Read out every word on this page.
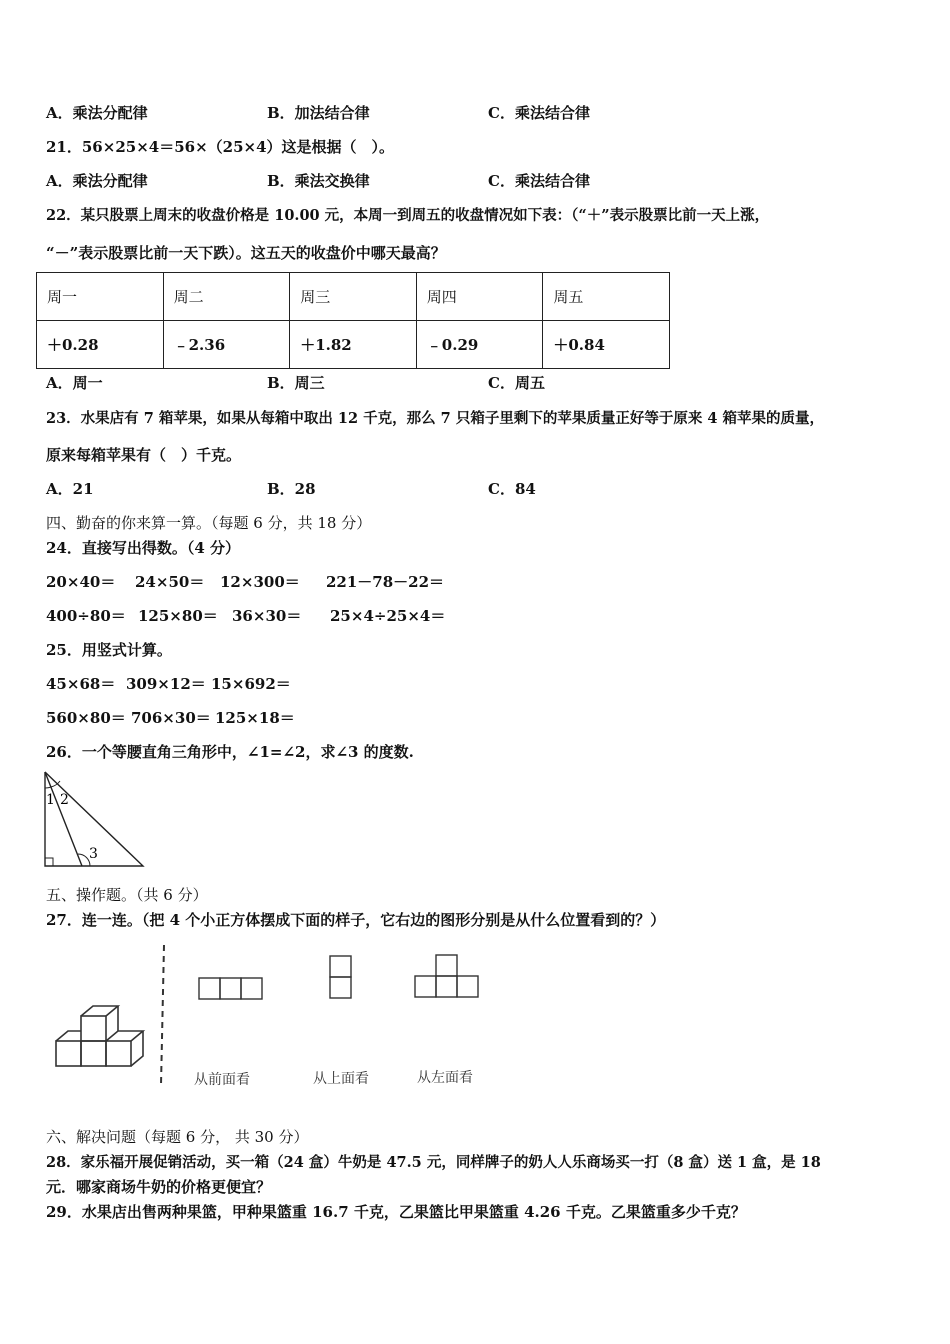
A．乘法分配律	B．加法结合律	C．乘法结合律
21．56×25×4＝56×（25×4）这是根据（　）。
A．乘法分配律	B．乘法交换律	C．乘法结合律
22．某只股票上周末的收盘价格是 10.00 元，本周一到周五的收盘情况如下表：（“＋”表示股票比前一天上涨，
“－”表示股票比前一天下跌）。这五天的收盘价中哪天最高？
周一	周二	周三	周四	周五
＋0.28	﹣2.36	＋1.82	﹣0.29	＋0.84
A．周一	B．周三	C．周五
23．水果店有 7 箱苹果，如果从每箱中取出 12 千克，那么 7 只箱子里剩下的苹果质量正好等于原来 4 箱苹果的质量，
原来每箱苹果有（　）千克。
A．21	B．28	C．84
四、勤奋的你来算一算。（每题 6 分，共 18 分）
24．直接写出得数。（4 分）
20×40＝ 24×50＝ 12×300＝ 221－78－22＝
400÷80＝ 125×80＝ 36×30＝ 25×4÷25×4＝
25．用竖式计算。
45×68＝ 309×12＝ 15×692＝
560×80＝ 706×30＝ 125×18＝
26．一个等腰直角三角形中，∠1=∠2，求∠3 的度数.
1 2
3
五、操作题。（共 6 分）
27．连一连。（把 4 个小正方体摆成下面的样子，它右边的图形分别是从什么位置看到的？）
从前面看	从上面看	从左面看
六、解决问题（每题 6 分， 共 30 分）
28．家乐福开展促销活动，买一箱（24 盒）牛奶是 47.5 元，同样牌子的奶人人乐商场买一打（8 盒）送 1 盒，是 18
元．哪家商场牛奶的价格更便宜？
29．水果店出售两种果篮，甲种果篮重 16.7 千克，乙果篮比甲果篮重 4.26 千克。乙果篮重多少千克？
